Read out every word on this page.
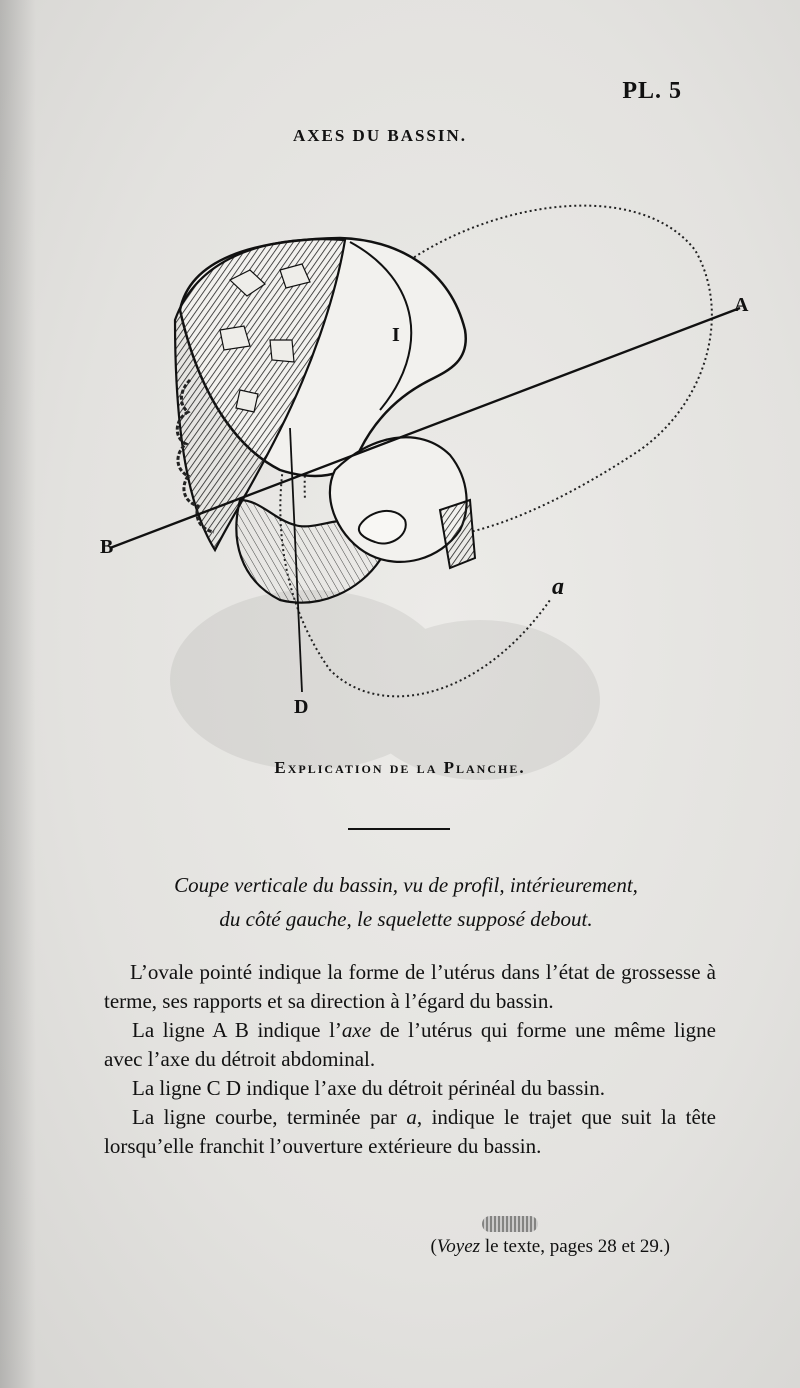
PL. 5
AXES DU BASSIN.
A
B
D
I
a
Explication de la Planche.
Coupe verticale du bassin, vu de profil, intérieurement,
du côté gauche, le squelette supposé debout.

L’ovale pointé indique la forme de l’utérus dans l’état de grossesse à terme, ses rapports et sa direction à l’égard du bassin.

La ligne A B indique l’axe de l’utérus qui forme une même ligne avec l’axe du détroit abdominal.

La ligne C D indique l’axe du détroit périnéal du bassin.

La ligne courbe, terminée par a, indique le trajet que suit la tête lorsqu’elle franchit l’ouverture extérieure du bassin.

(Voyez le texte, pages 28 et 29.)
